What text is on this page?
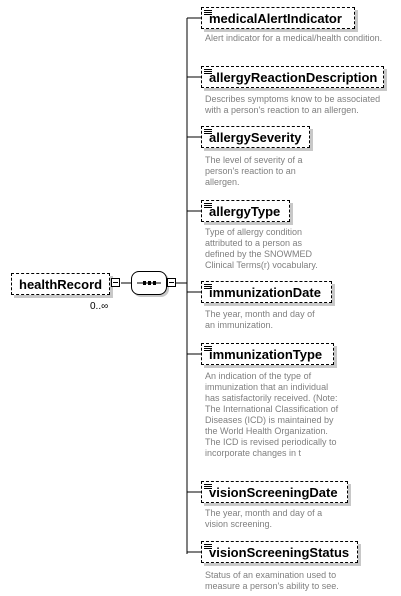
healthRecord
0..∞
medicalAlertIndicator
Alert indicator for a medical/health condition.
allergyReactionDescription
Describes symptoms know to be associated with a person's reaction to an allergen.
allergySeverity
The level of severity of a person's reaction to an allergen.
allergyType
Type of allergy condition attributed to a person as defined by the SNOWMED Clinical Terms(r) vocabulary.
immunizationDate
The year, month and day of an immunization.
immunizationType
An indication of the type of immunization that an individual has satisfactorily received. (Note: The International Classification of Diseases (ICD) is maintained by the World Health Organization. The ICD is revised periodically to incorporate changes in t
visionScreeningDate
The year, month and day of a vision screening.
visionScreeningStatus
Status of an examination used to measure a person's ability to see.
